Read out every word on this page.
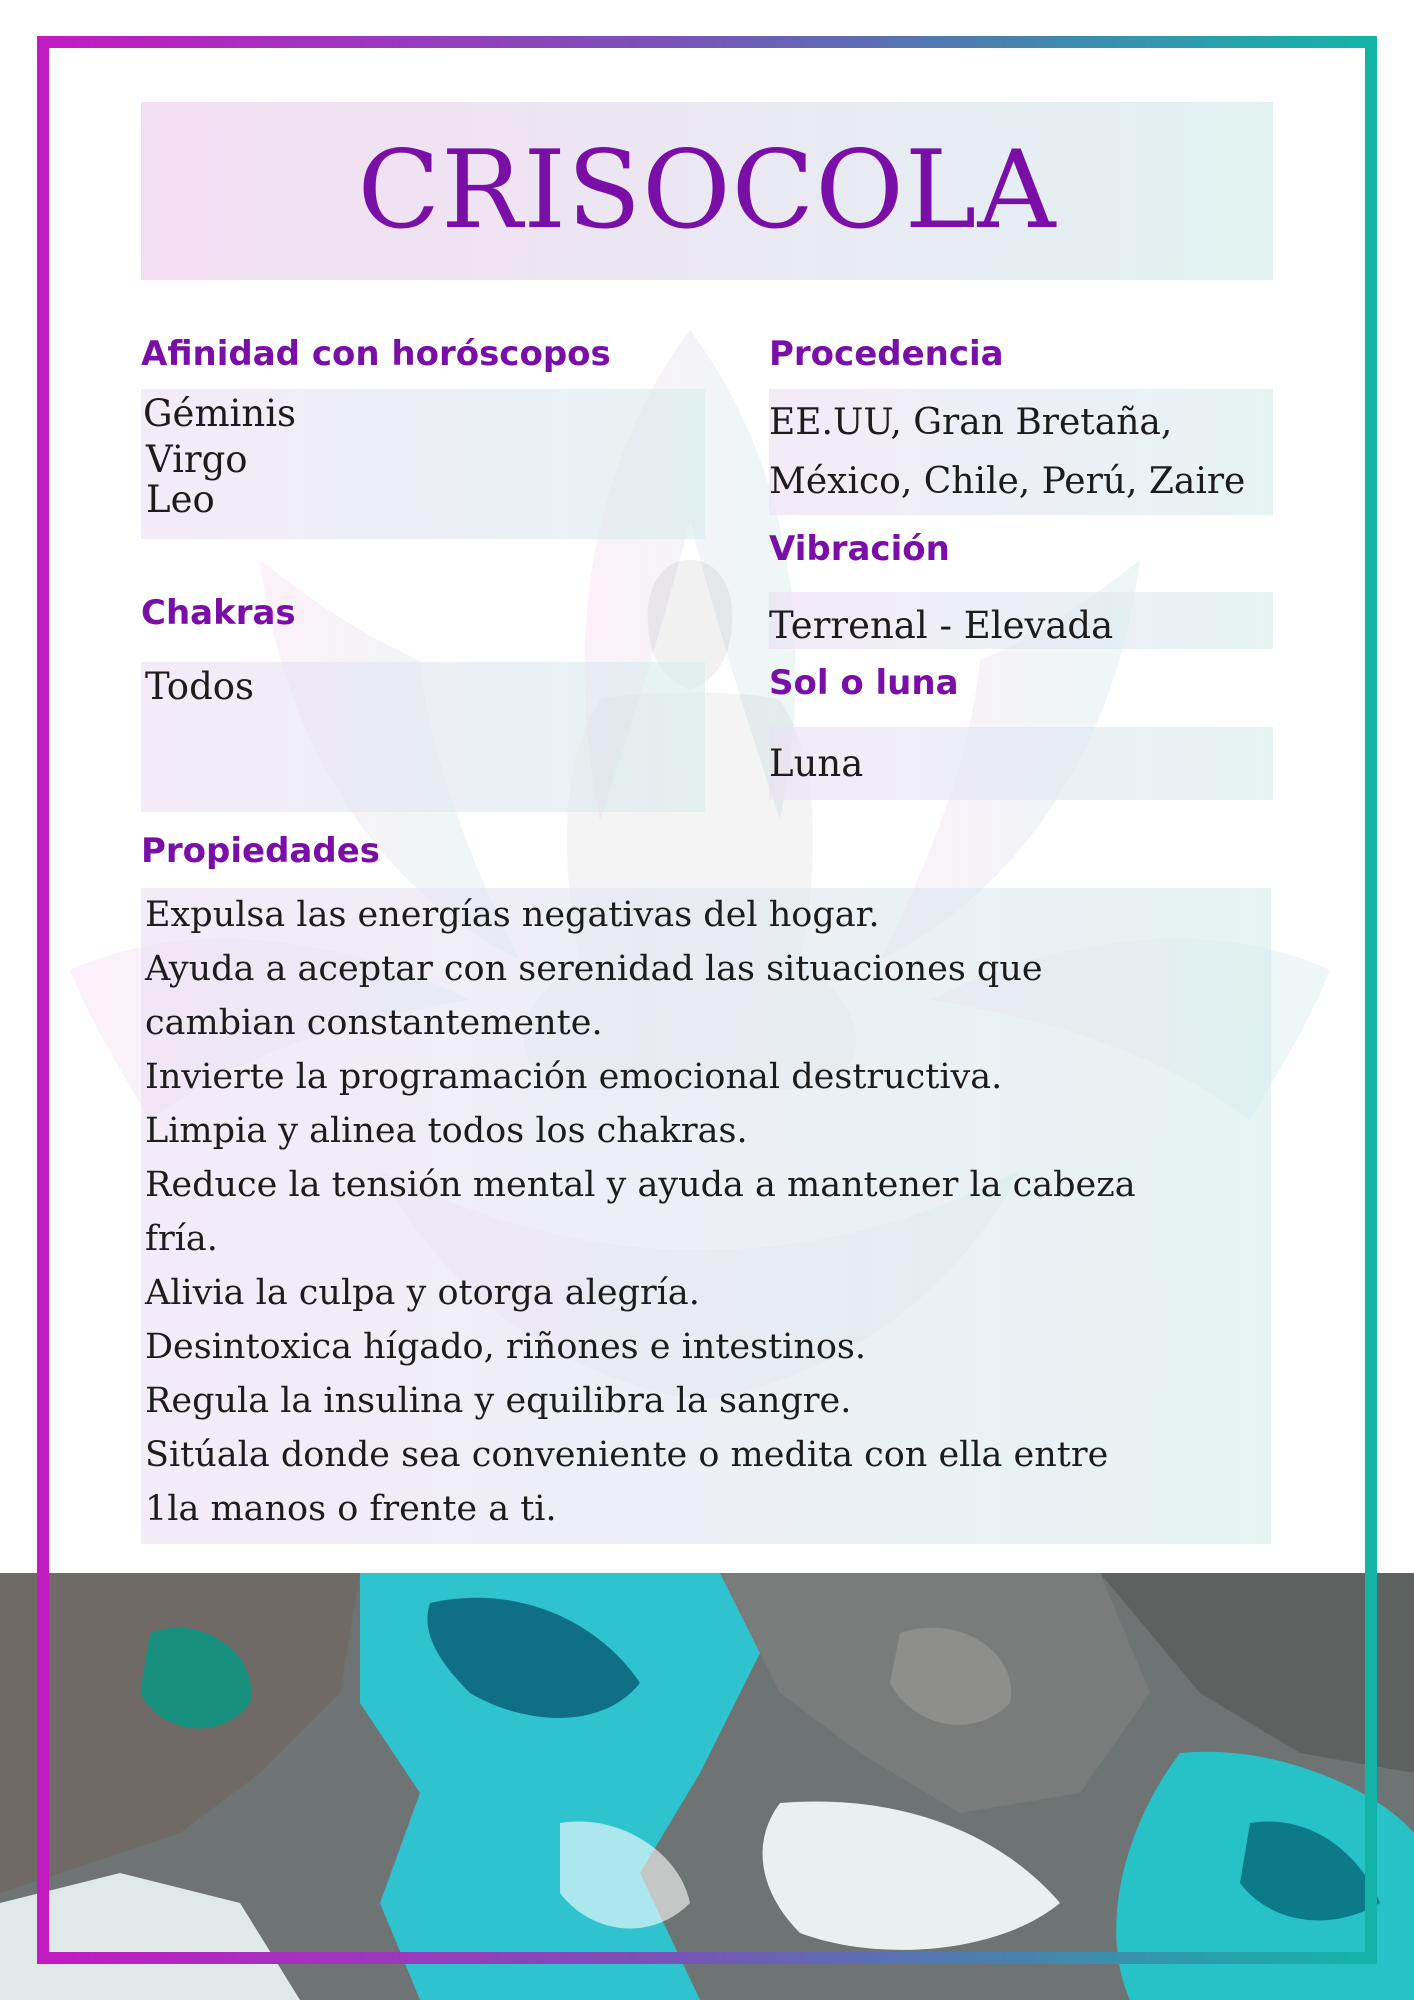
CRISOCOLA
Afinidad con horóscopos
Géminis
Virgo
Leo
Procedencia
EE.UU, Gran Bretaña,
México, Chile, Perú, Zaire
Vibración
Terrenal - Elevada
Chakras
Todos	Sol o luna
Luna
Propiedades
Expulsa las energías negativas del hogar.
Ayuda a aceptar con serenidad las situaciones que
cambian constantemente.
Invierte la programación emocional destructiva.
Limpia y alinea todos los chakras.
Reduce la tensión mental y ayuda a mantener la cabeza
fría.
Alivia la culpa y otorga alegría.
Desintoxica hígado, riñones e intestinos.
Regula la insulina y equilibra la sangre.
Sitúala donde sea conveniente o medita con ella entre
1la manos o frente a ti.
